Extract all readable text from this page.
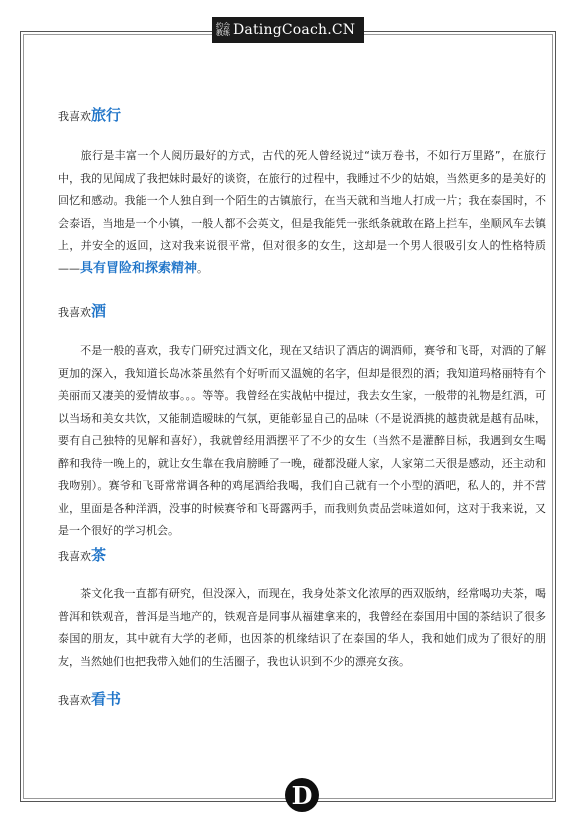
约会教练 DatingCoach.CN
我喜欢旅行
　　旅行是丰富一个人阅历最好的方式，古代的死人曾经说过“读万卷书，不如行万里路”，在旅行中，我的见闻成了我把妹时最好的谈资，在旅行的过程中，我睡过不少的姑娘，当然更多的是美好的回忆和感动。我能一个人独自到一个陌生的古镇旅行，在当天就和当地人打成一片；我在泰国时，不会泰语，当地是一个小镇，一般人都不会英文，但是我能凭一张纸条就敢在路上拦车，坐顺风车去镇上，并安全的返回，这对我来说很平常，但对很多的女生，这却是一个男人很吸引女人的性格特质——具有冒险和探索精神。
我喜欢酒
　　不是一般的喜欢，我专门研究过酒文化，现在又结识了酒店的调酒师，赛爷和飞哥，对酒的了解更加的深入，我知道长岛冰茶虽然有个好听而又温婉的名字，但却是很烈的酒；我知道玛格丽特有个美丽而又凄美的爱情故事。。。等等。我曾经在实战帖中提过，我去女生家，一般带的礼物是红酒，可以当场和美女共饮，又能制造暧昧的气氛，更能彰显自己的品味（不是说酒挑的越贵就是越有品味，要有自己独特的见解和喜好），我就曾经用酒摆平了不少的女生（当然不是灌醉目标，我遇到女生喝醉和我待一晚上的，就让女生靠在我肩膀睡了一晚，碰都没碰人家，人家第二天很是感动，还主动和我吻别）。赛爷和飞哥常常调各种的鸡尾酒给我喝，我们自己就有一个小型的酒吧，私人的，并不营业，里面是各种洋酒，没事的时候赛爷和飞哥露两手，而我则负责品尝味道如何，这对于我来说，又是一个很好的学习机会。
我喜欢茶
　　茶文化我一直都有研究，但没深入，而现在，我身处茶文化浓厚的西双版纳，经常喝功夫茶，喝普洱和铁观音，普洱是当地产的，铁观音是同事从福建拿来的，我曾经在泰国用中国的茶结识了很多泰国的朋友，其中就有大学的老师，也因茶的机缘结识了在泰国的华人，我和她们成为了很好的朋友，当然她们也把我带入她们的生活圈子，我也认识到不少的漂亮女孩。
我喜欢看书
D
